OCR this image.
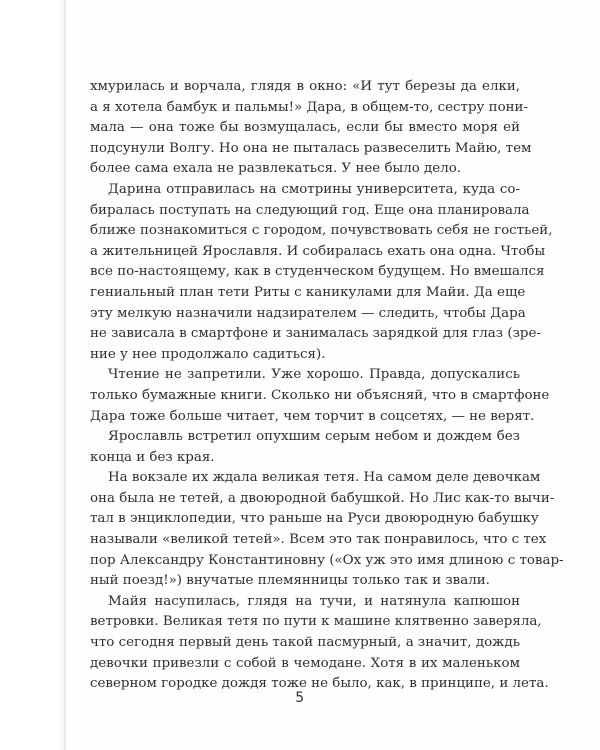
хмурилась и ворчала, глядя в окно: «И тут березы да елки,
а я хотела бамбук и пальмы!» Дара, в общем-то, сестру пони-
мала — она тоже бы возмущалась, если бы вместо моря ей
подсунули Волгу. Но она не пыталась развеселить Майю, тем
более сама ехала не развлекаться. У нее было дело.
Дарина отправилась на смотрины университета, куда со-
биралась поступать на следующий год. Еще она планировала
ближе познакомиться с городом, почувствовать себя не гостьей,
а жительницей Ярославля. И собиралась ехать она одна. Чтобы
все по-настоящему, как в студенческом будущем. Но вмешался
гениальный план тети Риты с каникулами для Майи. Да еще
эту мелкую назначили надзирателем — следить, чтобы Дара
не зависала в смартфоне и занималась зарядкой для глаз (зре-
ние у нее продолжало садиться).
Чтение не запретили. Уже хорошо. Правда, допускались
только бумажные книги. Сколько ни объясняй, что в смартфоне
Дара тоже больше читает, чем торчит в соцсетях, — не верят.
Ярославль встретил опухшим серым небом и дождем без
конца и без края.
На вокзале их ждала великая тетя. На самом деле девочкам
она была не тетей, а двоюродной бабушкой. Но Лис как-то вычи-
тал в энциклопедии, что раньше на Руси двоюродную бабушку
называли «великой тетей». Всем это так понравилось, что с тех
пор Александру Константиновну («Ох уж это имя длиною с товар-
ный поезд!») внучатые племянницы только так и звали.
Майя насупилась, глядя на тучи, и натянула капюшон
ветровки. Великая тетя по пути к машине клятвенно заверяла,
что сегодня первый день такой пасмурный, а значит, дождь
девочки привезли с собой в чемодане. Хотя в их маленьком
северном городке дождя тоже не было, как, в принципе, и лета.
5
